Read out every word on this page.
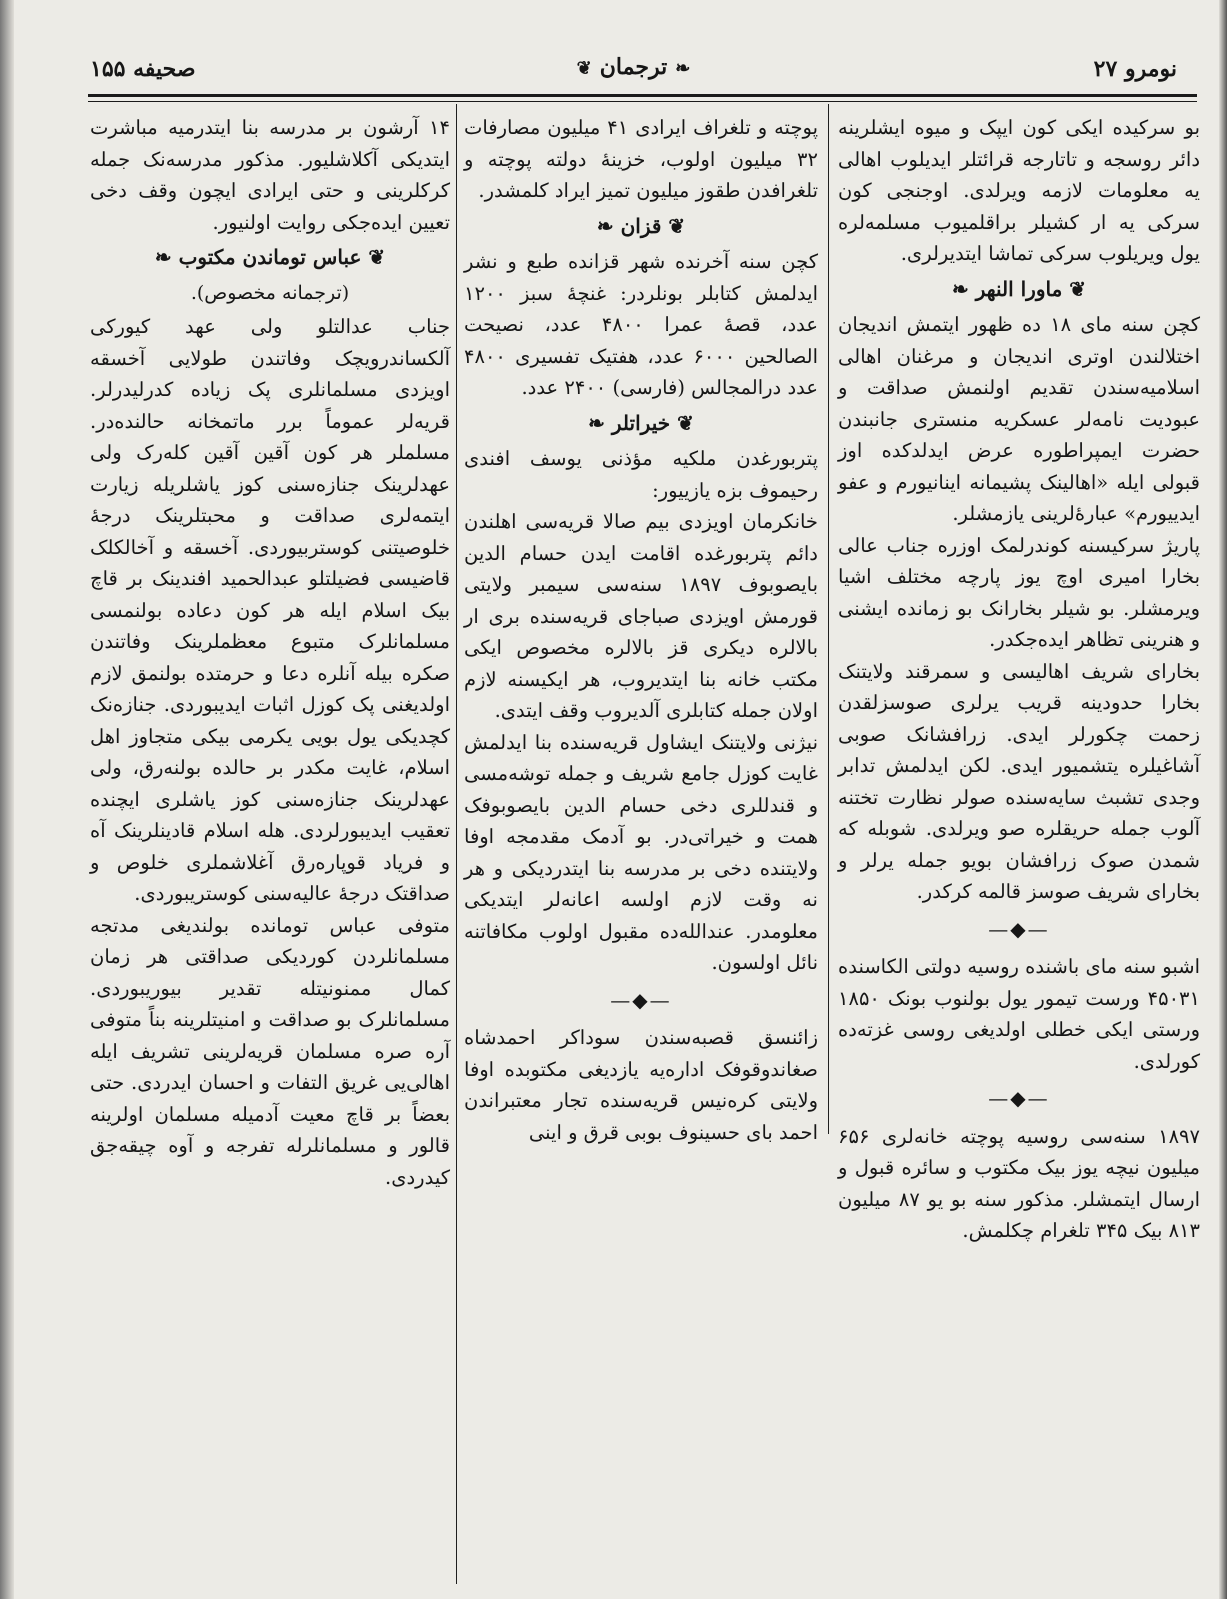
صحیفه ۱۵۵	❦ ترجمان ❧	نومرو ۲۷

بو سرکیده ایکی کون ایپک و میوه ایشلرینه دائر روسجه و تاتارجه قرائتلر ایدیلوب اهالی یه معلومات لازمه ویرلدی. اوجنجی کون سرکی یه ار کشیلر براقلمیوب مسلمه‌لره یول ویریلوب سرکی تماشا ایتدیرلری.

❦ ماورا النهر ❧

کچن سنه مای ۱۸ ده ظهور ایتمش اندیجان اختلالندن اوتری اندیجان و مرغنان اهالی اسلامیه‌سندن تقدیم اولنمش صداقت و عبودیت نامه‌لر عسکریه منستری جانبندن حضرت ایمپراطوره عرض ایدلدکده اوز قبولی ایله «اهالینک پشیمانه اینانیورم و عفو ایدییورم» عبارهٔ‌لرینی یازمشلر.

پاریژ سرکیسنه کوندرلمک اوزره جناب عالی بخارا امیری اوچ یوز پارچه مختلف اشیا ویرمشلر. بو شیلر بخارانک بو زمانده ایشنی و هنرینی تظاهر ایده‌جکدر.

بخارای شریف اهالیسی و سمرقند ولایتنک بخارا حدودینه قریب یرلری صوسزلقدن زحمت چکورلر ایدی. زرافشانک صوبی آشاغیلره یتشمیور ایدی. لکن ایدلمش تدابر وجدی تشبث سایه‌سنده صولر نظارت تختنه آلوب جمله حریقلره صو ویرلدی. شوبله که شمدن صوک زرافشان بویو جمله یرلر و بخارای شریف صوسز قالمه کرکدر.

—◆—

اشبو سنه مای باشنده روسیه دولتی الکاسنده ۴۵۰۳۱ ورست تیمور یول بولنوب بونک ۱۸۵۰ ورستی ایکی خطلی اولدیغی روسی غزته‌ده کورلدی.

—◆—

۱۸۹۷ سنه‌سی روسیه پوچته خانه‌لری ۶۵۶ میلیون نیچه یوز بیک مکتوب و سائره قبول و ارسال ایتمشلر. مذکور سنه بو یو ۸۷ میلیون ۸۱۳ بیک ۳۴۵ تلغرام چکلمش.

پوچته و تلغراف ایرادی ۴۱ میلیون مصارفات ۳۲ میلیون اولوب، خزینهٔ دولته پوچته و تلغرافدن طقوز میلیون تمیز ایراد کلمشدر.

❦ قزان ❧

کچن سنه آخرنده شهر قزانده طبع و نشر ایدلمش کتابلر بونلردر: غنچهٔ سبز ۱۲۰۰ عدد، قصهٔ عمرا ۴۸۰۰ عدد، نصیحت الصالحین ۶۰۰۰ عدد، هفتیک تفسیری ۴۸۰۰ عدد درالمجالس (فارسی) ۲۴۰۰ عدد.

❦ خیراتلر ❧

پتربورغدن ملکیه مؤذنی یوسف افندی رحیموف بزه یازییور:

خانکرمان اویزدی بیم صالا قریه‌سی اهلندن دائم پتربورغده اقامت ایدن حسام الدین بایصوبوف ۱۸۹۷ سنه‌سی سیمبر ولایتی قورمش اویزدی صباجای قریه‌سنده بری ار بالالره دیکری قز بالالره مخصوص ایکی مکتب خانه بنا ایتدیروب، هر ایکیسنه لازم اولان جمله کتابلری آلدیروب وقف ایتدی.

نیژنی ولایتنک ایشاول قریه‌سنده بنا ایدلمش غایت کوزل جامع شریف و جمله توشه‌مسی و قندللری دخی حسام الدین بایصوبوفک همت و خیراتی‌در. بو آدمک مقدمجه اوفا ولایتنده دخی بر مدرسه بنا ایتدردیکی و هر نه وقت لازم اولسه اعانه‌لر ایتدیکی معلومدر. عندالله‌ده مقبول اولوب مکافاتنه نائل اولسون.

—◆—

زائنسق قصبه‌سندن سوداکر احمدشاه صغاندوقوفک اداره‌یه یازدیغی مکتوبده اوفا ولایتی کره‌نیس قریه‌سنده تجار معتبراندن احمد بای حسینوف بوبی قرق و اینی

۱۴ آرشون بر مدرسه بنا ایتدرمیه مباشرت ایتدیکی آکلاشلیور. مذکور مدرسه‌نک جمله کرکلرینی و حتی ایرادی‌ ایچون وقف دخی تعیین ایده‌جکی روایت اولنیور.

❦ عباس توماندن مکتوب ❧
(ترجمانه مخصوص).

جناب عدالتلو ولی عهد کیورکی آلکساندرویچک وفاتندن طولایی آخسقه اویزدی مسلمانلری پک زیاده کدرلیدرلر. قریه‌لر عموماً برر ماتمخانه حالنده‌در. مسلملر هر کون آقین آقین کله‌رک ولی عهدلرینک جنازه‌سنی کوز یاشلریله زیارت ایتمه‌لری صداقت و محبتلرینک درجهٔ خلوصیتنی کوستربیوردی. آخسقه و آخالکلک قاضیسی فضیلتلو عبدالحمید افندینک بر قاچ بیک اسلام ایله هر کون دعاده بولنمسی مسلمانلرک متبوع معظملرینک وفاتندن صکره بیله آنلره دعا و حرمتده بولنمق لازم اولدیغنی پک کوزل اثبات ایدیبوردی. جنازه‌نک کچدیکی یول بویی یکرمی بیکی متجاوز اهل اسلام، غایت مکدر بر حالده بولنه‌رق، ولی عهدلرینک جنازه‌سنی کوز یاشلری ایچنده تعقیب ایدیبورلردی. هله اسلام قادینلرینک آه و فریاد قوپاره‌رق آغلاشملری خلوص و صداقتک درجهٔ عالیه‌سنی کوستریبوردی.

متوفی عباس تومانده بولندیغی مدتجه مسلمانلردن کوردیکی صداقتی هر زمان کمال ممنونیتله تقدیر بیوریبوردی. مسلمانلرک بو صداقت و امنیتلرینه بناً متوفی آره صره مسلمان قریه‌لرینی تشریف ایله اهالی‌یی غریق التفات و احسان ایدردی. حتی بعضاً بر قاچ معیت آدمیله مسلمان اولرینه قالور و مسلمانلرله تفرجه و آوه چیقه‌جق کیدردی.
